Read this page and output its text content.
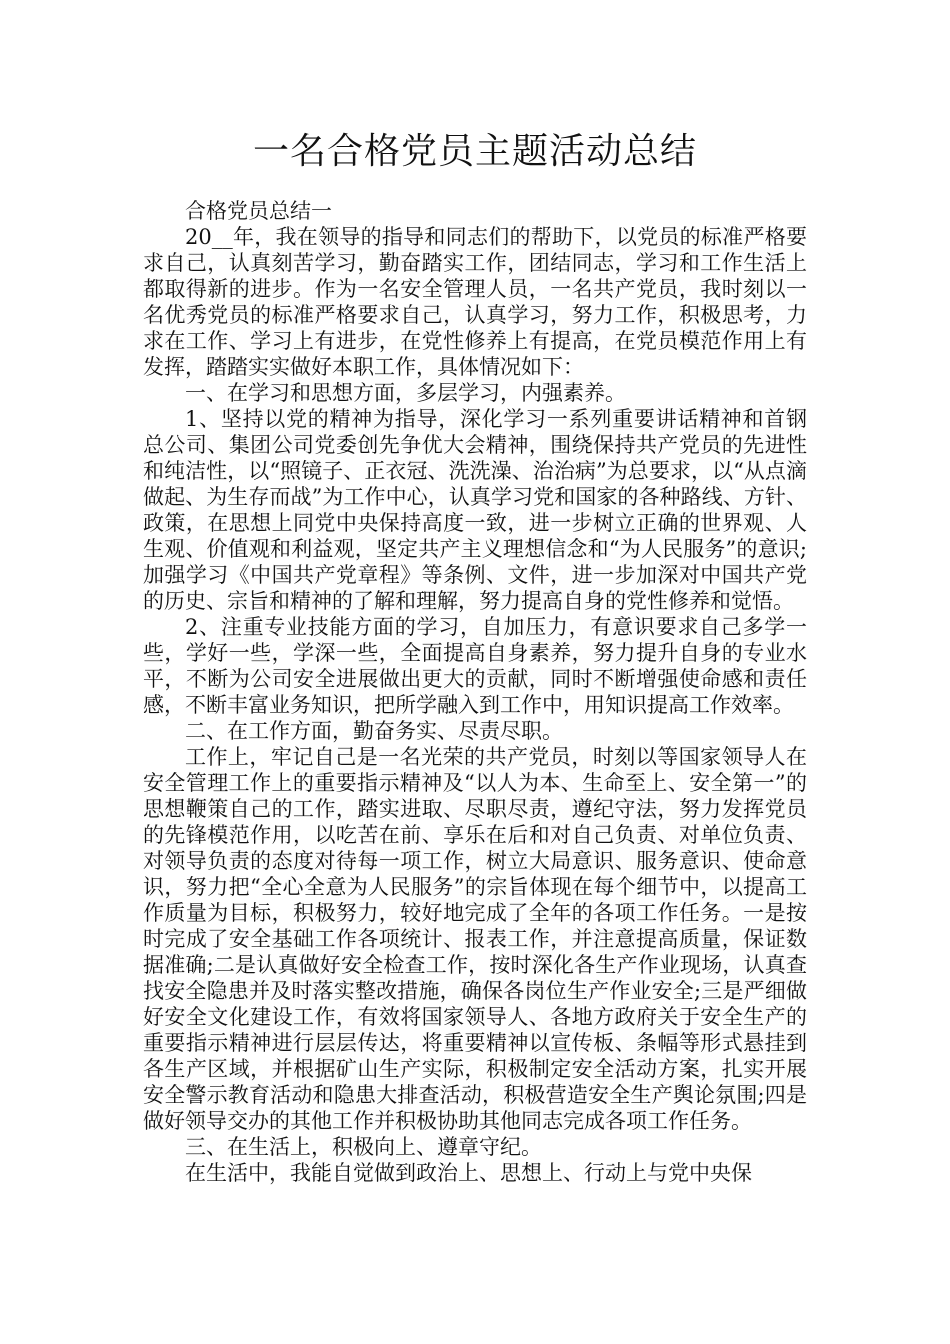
一名合格党员主题活动总结

合格党员总结一

20__年，我在领导的指导和同志们的帮助下，以党员的标准严格要求自己，认真刻苦学习，勤奋踏实工作，团结同志，学习和工作生活上都取得新的进步。作为一名安全管理人员，一名共产党员，我时刻以一名优秀党员的标准严格要求自己，认真学习，努力工作，积极思考，力求在工作、学习上有进步，在党性修养上有提高，在党员模范作用上有发挥，踏踏实实做好本职工作，具体情况如下：

一、在学习和思想方面，多层学习，内强素养。

1、坚持以党的精神为指导，深化学习一系列重要讲话精神和首钢总公司、集团公司党委创先争优大会精神，围绕保持共产党员的先进性和纯洁性，以“照镜子、正衣冠、洗洗澡、治治病”为总要求，以“从点滴做起、为生存而战”为工作中心，认真学习党和国家的各种路线、方针、政策，在思想上同党中央保持高度一致，进一步树立正确的世界观、人生观、价值观和利益观，坚定共产主义理想信念和“为人民服务”的意识;加强学习《中国共产党章程》等条例、文件，进一步加深对中国共产党的历史、宗旨和精神的了解和理解，努力提高自身的党性修养和觉悟。

2、注重专业技能方面的学习，自加压力，有意识要求自己多学一些，学好一些，学深一些，全面提高自身素养，努力提升自身的专业水平，不断为公司安全进展做出更大的贡献，同时不断增强使命感和责任感，不断丰富业务知识，把所学融入到工作中，用知识提高工作效率。

二、在工作方面，勤奋务实、尽责尽职。

工作上，牢记自己是一名光荣的共产党员，时刻以等国家领导人在安全管理工作上的重要指示精神及“以人为本、生命至上、安全第一”的思想鞭策自己的工作，踏实进取、尽职尽责，遵纪守法，努力发挥党员的先锋模范作用，以吃苦在前、享乐在后和对自己负责、对单位负责、对领导负责的态度对待每一项工作，树立大局意识、服务意识、使命意识，努力把“全心全意为人民服务”的宗旨体现在每个细节中，以提高工作质量为目标，积极努力，较好地完成了全年的各项工作任务。一是按时完成了安全基础工作各项统计、报表工作，并注意提高质量，保证数据准确;二是认真做好安全检查工作，按时深化各生产作业现场，认真查找安全隐患并及时落实整改措施，确保各岗位生产作业安全;三是严细做好安全文化建设工作，有效将国家领导人、各地方政府关于安全生产的重要指示精神进行层层传达，将重要精神以宣传板、条幅等形式悬挂到各生产区域，并根据矿山生产实际，积极制定安全活动方案，扎实开展安全警示教育活动和隐患大排查活动，积极营造安全生产舆论氛围;四是做好领导交办的其他工作并积极协助其他同志完成各项工作任务。

三、在生活上，积极向上、遵章守纪。

在生活中，我能自觉做到政治上、思想上、行动上与党中央保
